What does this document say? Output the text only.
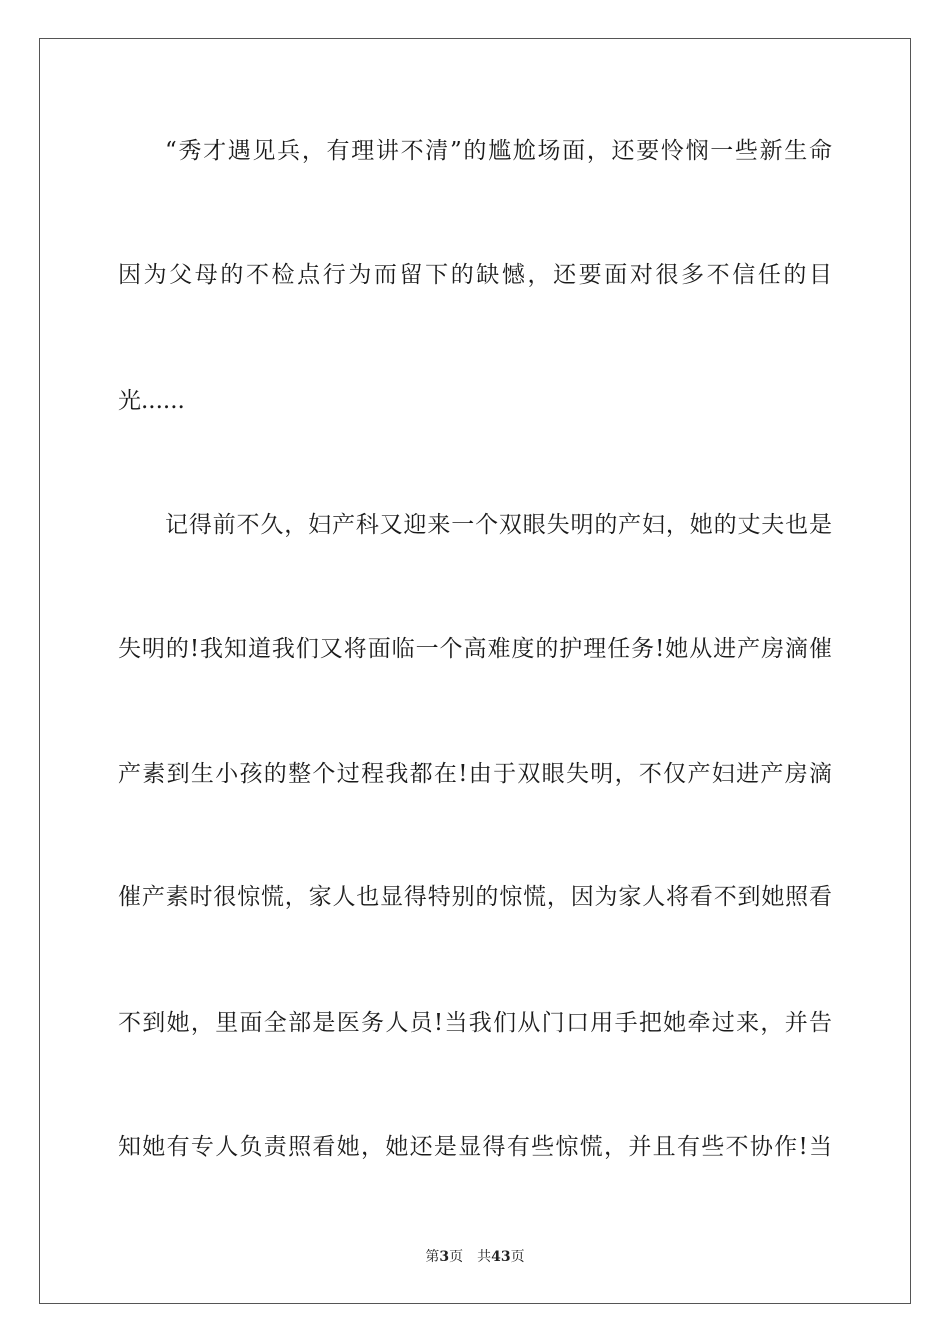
“秀才遇见兵，有理讲不清”的尴尬场面，还要怜悯一些新生命
因为父母的不检点行为而留下的缺憾，还要面对很多不信任的目
光......
记得前不久，妇产科又迎来一个双眼失明的产妇，她的丈夫也是
失明的!我知道我们又将面临一个高难度的护理任务!她从进产房滴催
产素到生小孩的整个过程我都在!由于双眼失明，不仅产妇进产房滴
催产素时很惊慌，家人也显得特别的惊慌，因为家人将看不到她照看
不到她，里面全部是医务人员!当我们从门口用手把她牵过来，并告
知她有专人负责照看她，她还是显得有些惊慌，并且有些不协作!当
第3页 共43页
